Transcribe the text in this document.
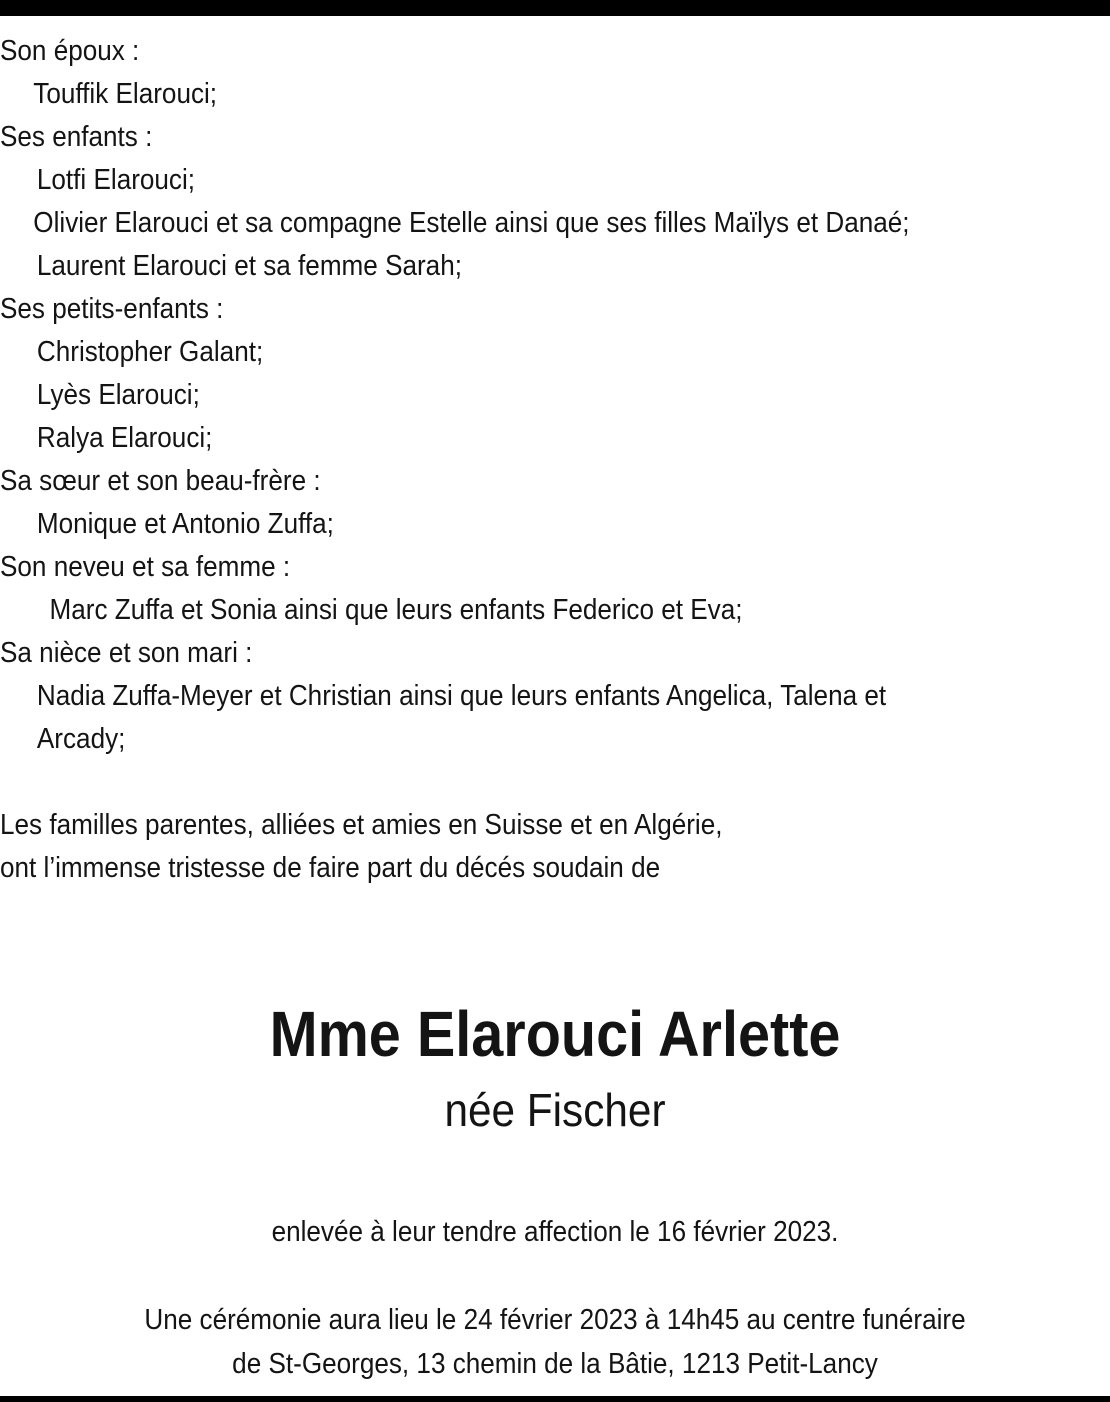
Son époux :
Touffik Elarouci;
Ses enfants :
Lotfi Elarouci;
Olivier Elarouci et sa compagne Estelle ainsi que ses filles Maïlys et Danaé;
Laurent Elarouci et sa femme Sarah;
Ses petits-enfants :
Christopher Galant;
Lyès Elarouci;
Ralya Elarouci;
Sa sœur et son beau-frère :
Monique et Antonio Zuffa;
Son neveu et sa femme :
Marc Zuffa et Sonia ainsi que leurs enfants Federico et Eva;
Sa nièce et son mari :
Nadia Zuffa-Meyer et Christian ainsi que leurs enfants Angelica, Talena et
Arcady;
Les familles parentes, alliées et amies en Suisse et en Algérie,
ont l’immense tristesse de faire part du décés soudain de
Mme Elarouci Arlette
née Fischer
enlevée à leur tendre affection le 16 février 2023.
Une cérémonie aura lieu le 24 février 2023 à 14h45 au centre funéraire
de St-Georges, 13 chemin de la Bâtie, 1213 Petit-Lancy
